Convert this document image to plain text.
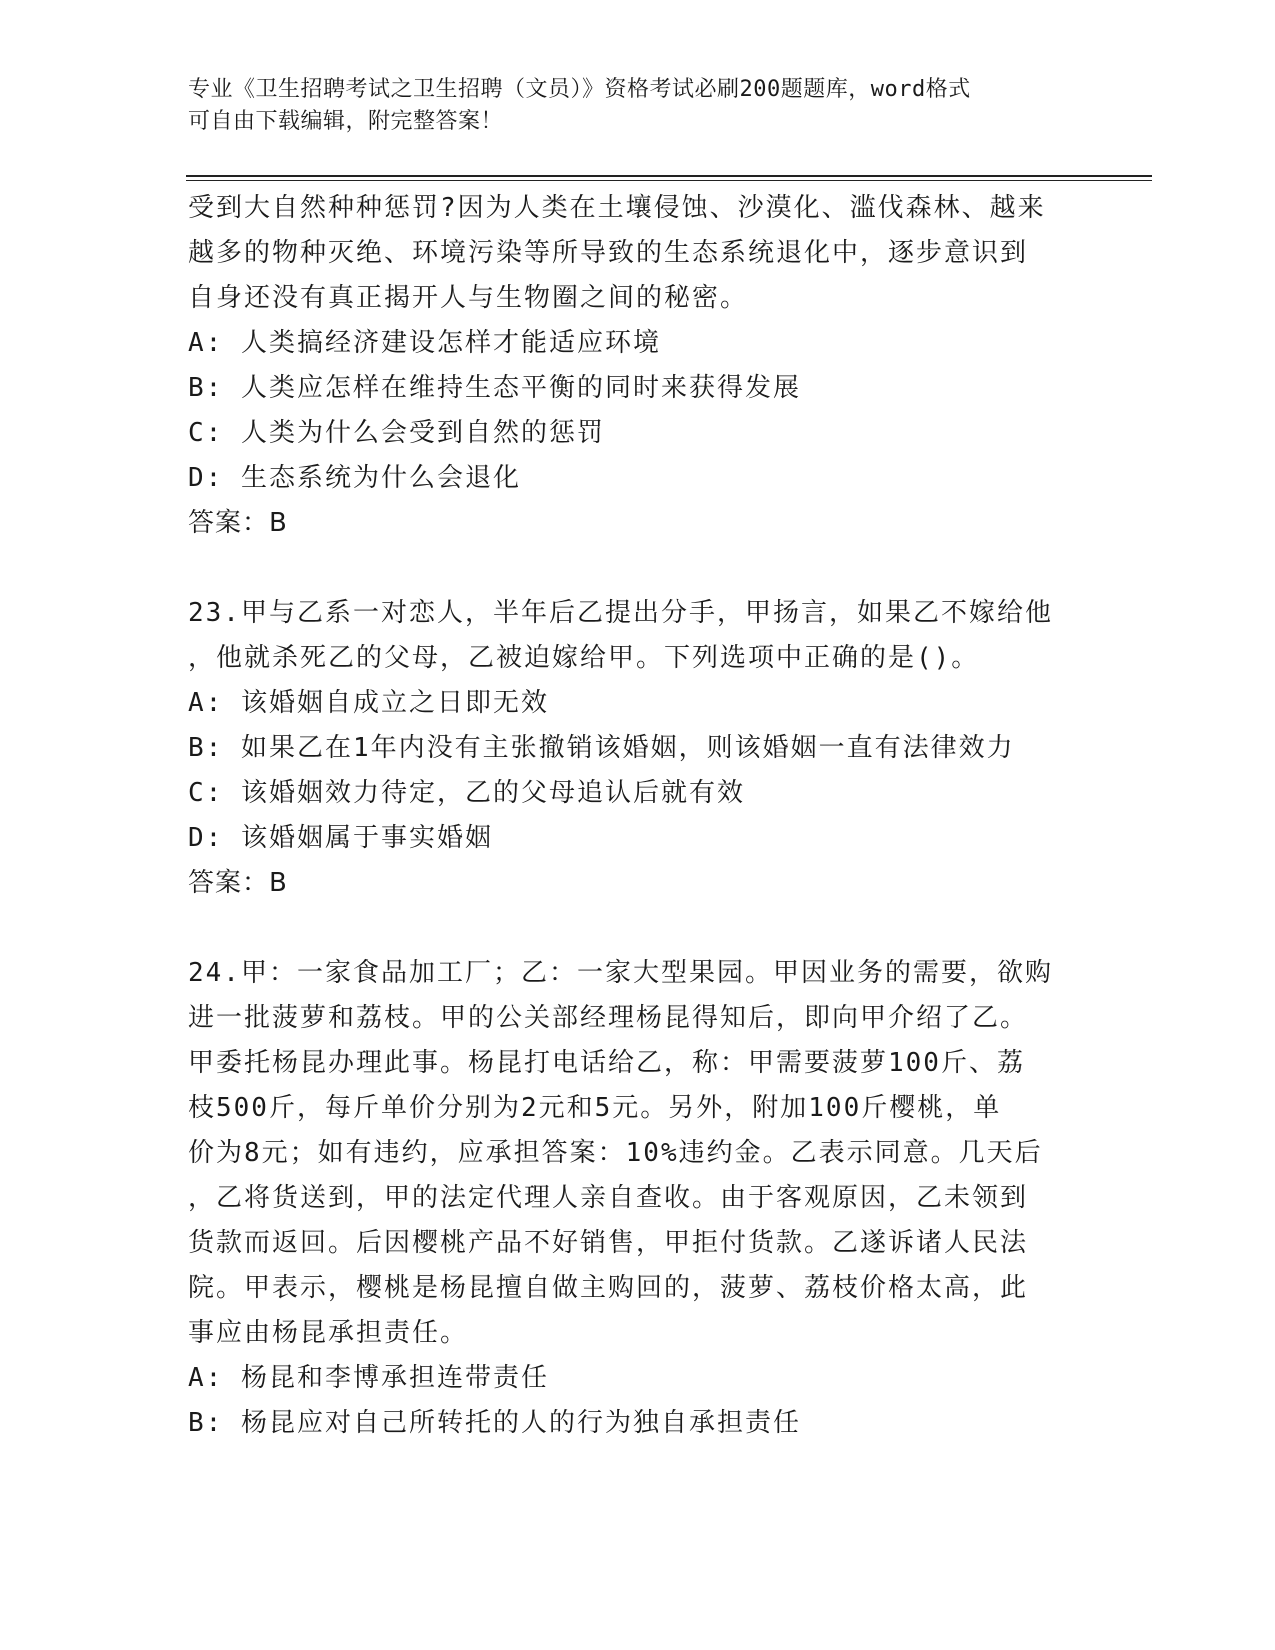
专业《卫生招聘考试之卫生招聘（文员）》资格考试必刷200题题库，word格式
可自由下载编辑，附完整答案！
受到大自然种种惩罚?因为人类在土壤侵蚀、沙漠化、滥伐森林、越来
越多的物种灭绝、环境污染等所导致的生态系统退化中，逐步意识到
自身还没有真正揭开人与生物圈之间的秘密。
A: 人类搞经济建设怎样才能适应环境
B: 人类应怎样在维持生态平衡的同时来获得发展
C: 人类为什么会受到自然的惩罚
D: 生态系统为什么会退化
答案：B
23.甲与乙系一对恋人，半年后乙提出分手，甲扬言，如果乙不嫁给他
，他就杀死乙的父母，乙被迫嫁给甲。下列选项中正确的是()。
A: 该婚姻自成立之日即无效
B: 如果乙在1年内没有主张撤销该婚姻，则该婚姻一直有法律效力
C: 该婚姻效力待定，乙的父母追认后就有效
D: 该婚姻属于事实婚姻
答案：B
24.甲：一家食品加工厂；乙：一家大型果园。甲因业务的需要，欲购
进一批菠萝和荔枝。甲的公关部经理杨昆得知后，即向甲介绍了乙。
甲委托杨昆办理此事。杨昆打电话给乙，称：甲需要菠萝100斤、荔
枝500斤，每斤单价分别为2元和5元。另外，附加100斤樱桃，单
价为8元；如有违约，应承担答案：10%违约金。乙表示同意。几天后
，乙将货送到，甲的法定代理人亲自查收。由于客观原因，乙未领到
货款而返回。后因樱桃产品不好销售，甲拒付货款。乙遂诉诸人民法
院。甲表示，樱桃是杨昆擅自做主购回的，菠萝、荔枝价格太高，此
事应由杨昆承担责任。
A: 杨昆和李博承担连带责任
B: 杨昆应对自己所转托的人的行为独自承担责任
